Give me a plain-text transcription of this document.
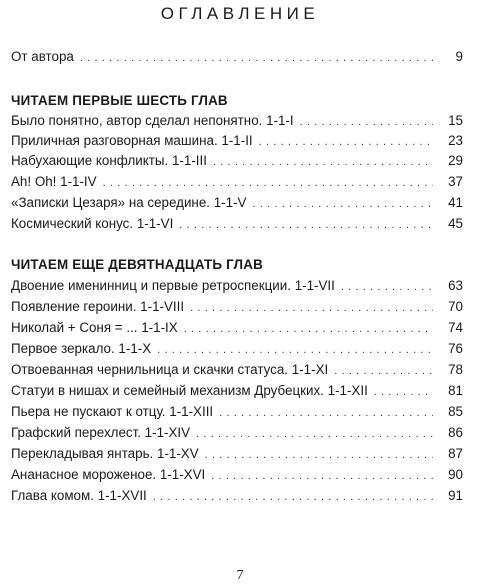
ОГЛАВЛЕНИЕ
От автора . . .	9
ЧИТАЕМ ПЕРВЫЕ ШЕСТЬ ГЛАВ
Было понятно, автор сделал непонятно. 1-1-I . . .	15
Приличная разговорная машина. 1-1-II . . .	23
Набухающие конфликты. 1-1-III . . .	29
Ah! Oh! 1-1-IV . . .	37
«Записки Цезаря» на середине. 1-1-V . . .	41
Космический конус. 1-1-VI . . .	45
ЧИТАЕМ ЕЩЕ ДЕВЯТНАДЦАТЬ ГЛАВ
Двоение именинниц и первые ретроспекции. 1-1-VII . . .	63
Появление героини. 1-1-VIII . . .	70
Николай + Соня = ... 1-1-IX . . .	74
Первое зеркало. 1-1-X . . .	76
Отвоеванная чернильница и скачки статуса. 1-1-XI . . .	78
Статуи в нишах и семейный механизм Друбецких. 1-1-XII . . .	81
Пьера не пускают к отцу. 1-1-XIII . . .	85
Графский перехлест. 1-1-XIV . . .	86
Перекладывая янтарь. 1-1-XV . . .	87
Ананасное мороженое. 1-1-XVI . . .	90
Глава комом. 1-1-XVII . . .	91
7
